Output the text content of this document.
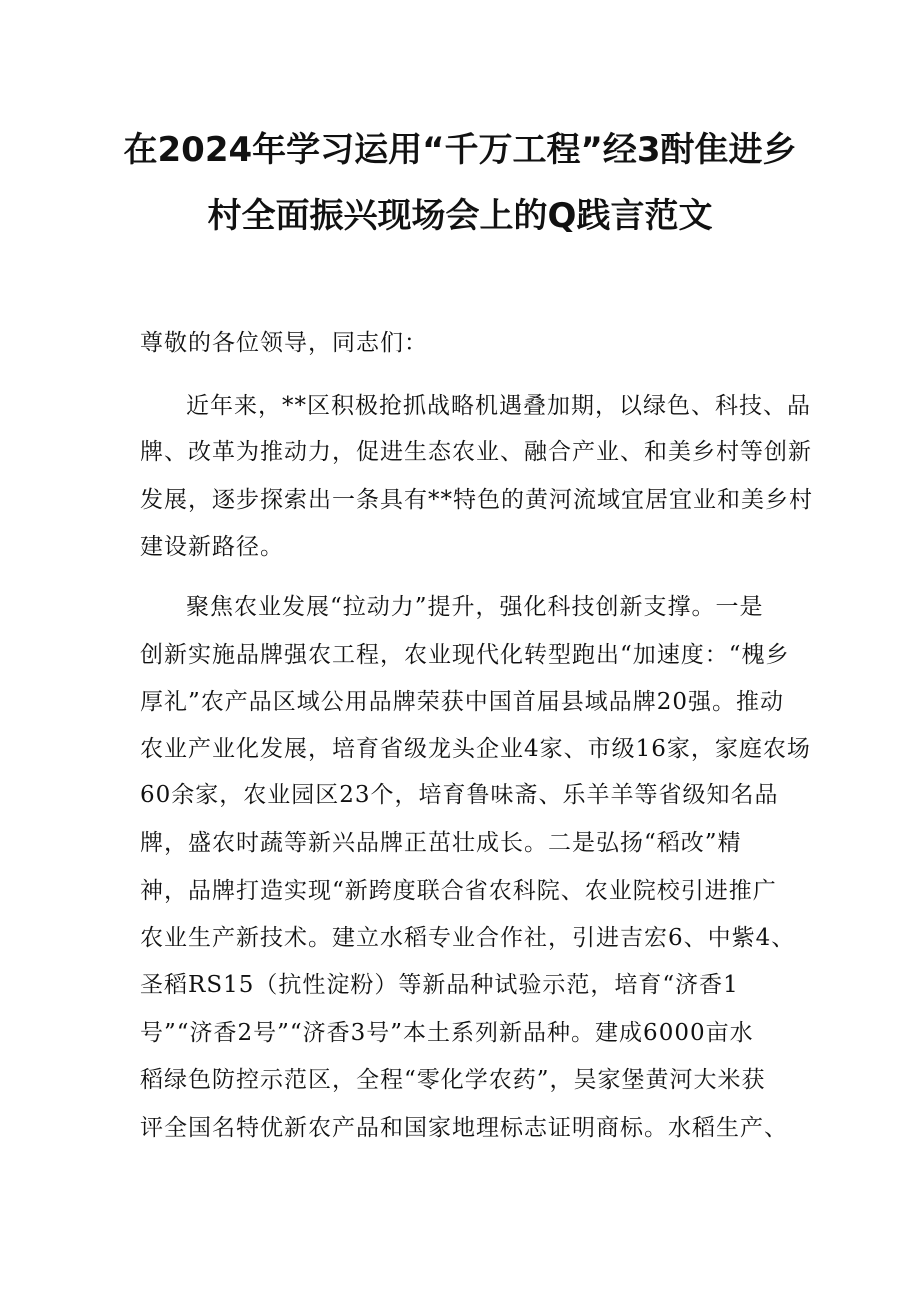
在2024年学习运用“千万工程”经3酎隹进乡
村全面振兴现场会上的Q践言范文
尊敬的各位领导，同志们：
近年来，**区积极抢抓战略机遇叠加期，以绿色、科技、品
牌、改革为推动力，促进生态农业、融合产业、和美乡村等创新
发展，逐步探索出一条具有**特色的黄河流域宜居宜业和美乡村
建设新路径。
聚焦农业发展“拉动力”提升，强化科技创新支撑。一是
创新实施品牌强农工程，农业现代化转型跑出“加速度：“槐乡
厚礼”农产品区域公用品牌荣获中国首届县域品牌20强。推动
农业产业化发展，培育省级龙头企业4家、市级16家，家庭农场
60余家，农业园区23个，培育鲁味斋、乐羊羊等省级知名品
牌，盛农时蔬等新兴品牌正茁壮成长。二是弘扬“稻改”精
神，品牌打造实现“新跨度联合省农科院、农业院校引进推广
农业生产新技术。建立水稻专业合作社，引进吉宏6、中紫4、
圣稻RS15（抗性淀粉）等新品种试验示范，培育“济香1
号”“济香2号”“济香3号”本土系列新品种。建成6000亩水
稻绿色防控示范区，全程“零化学农药”，吴家堡黄河大米获
评全国名特优新农产品和国家地理标志证明商标。水稻生产、
